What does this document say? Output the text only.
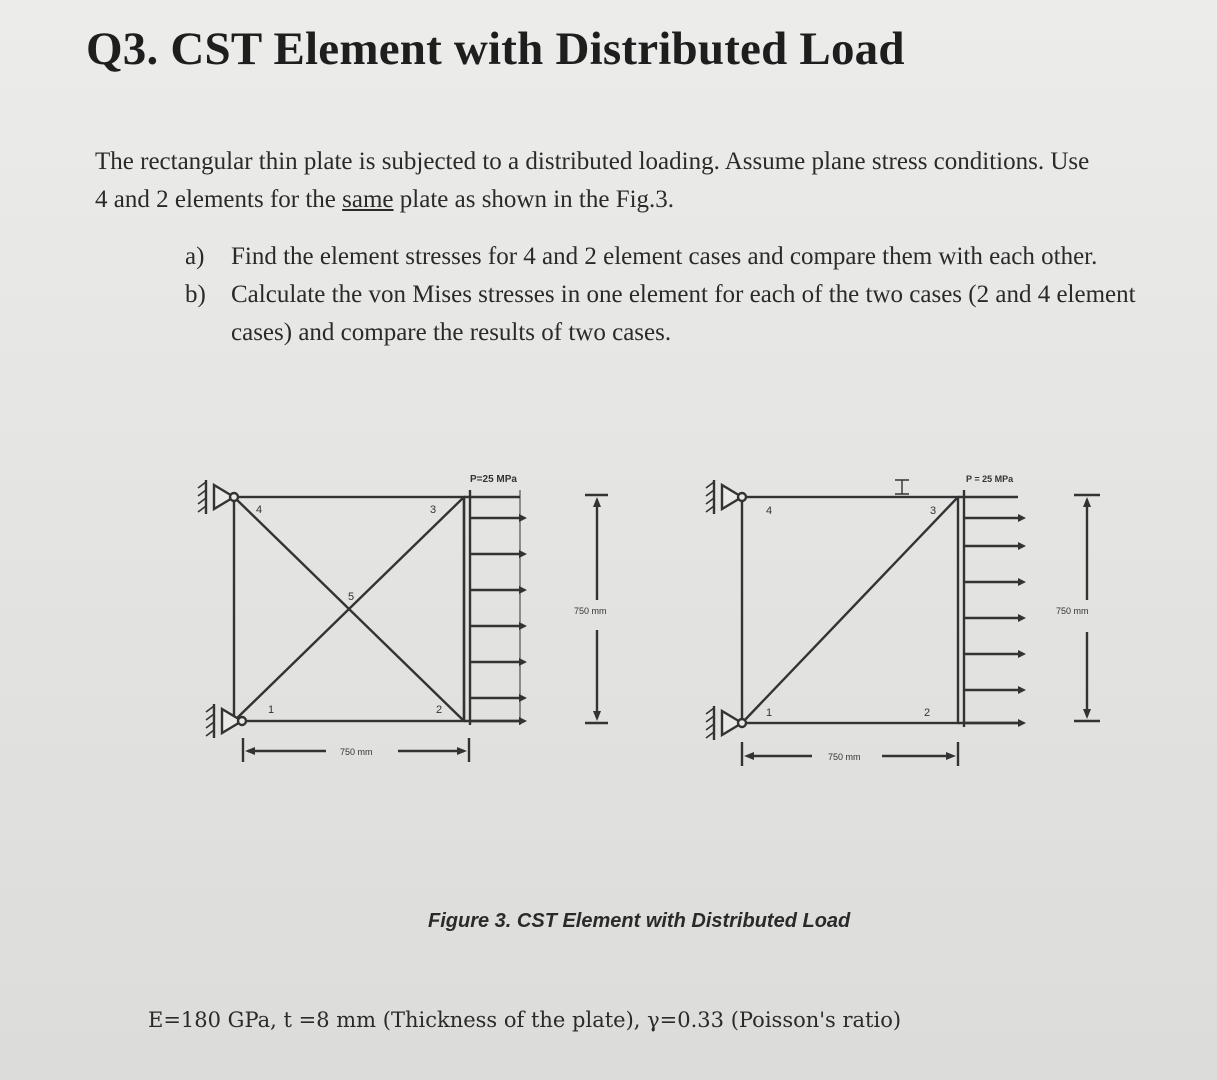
Q3. CST Element with Distributed Load
The rectangular thin plate is subjected to a distributed loading. Assume plane stress conditions. Use 4 and 2 elements for the same plate as shown in the Fig.3.
a)	Find the element stresses for 4 and 2 element cases and compare them with each other.
b)	Calculate the von Mises stresses in one element for each of the two cases (2 and 4 element cases) and compare the results of two cases.
P=25 MPa
750 mm
750 mm
1	2
3
4
5
P = 25 MPa
750 mm
750 mm
1	2
3
4
Figure 3. CST Element with Distributed Load
E=180 GPa, t =8 mm (Thickness of the plate), γ=0.33 (Poisson's ratio)
